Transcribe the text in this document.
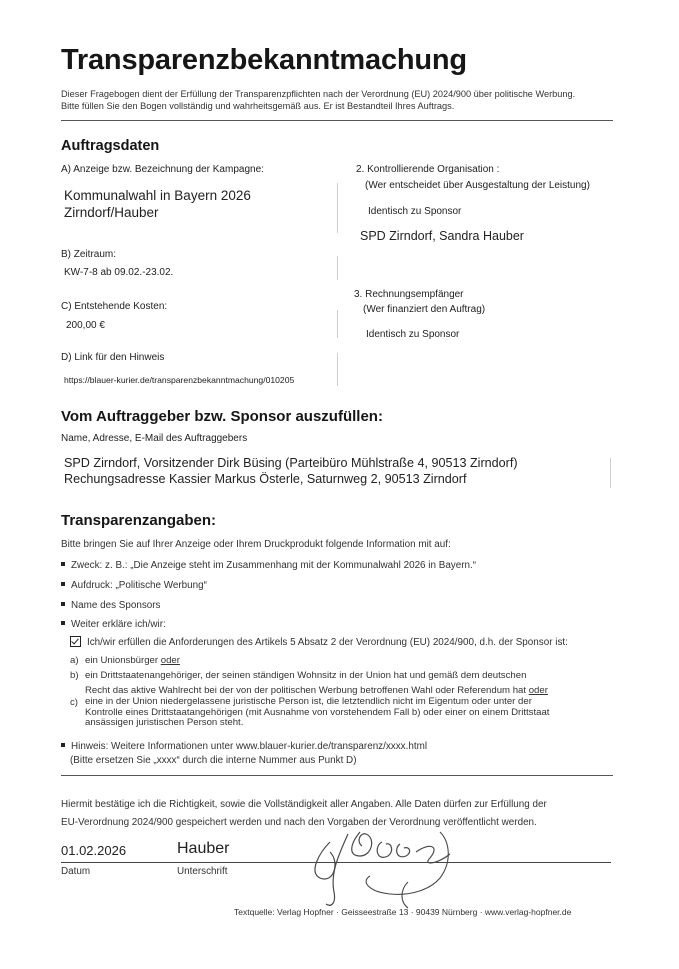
Transparenzbekanntmachung
Dieser Fragebogen dient der Erfüllung der Transparenzpflichten nach der Verordnung (EU) 2024/900 über politische Werbung.
Bitte füllen Sie den Bogen vollständig und wahrheitsgemäß aus. Er ist Bestandteil Ihres Auftrags.
Auftragsdaten
A) Anzeige bzw. Bezeichnung der Kampagne:
Kommunalwahl in Bayern 2026
Zirndorf/Hauber
B) Zeitraum:
KW-7-8 ab 09.02.-23.02.
C) Entstehende Kosten:
200,00 €
D) Link für den Hinweis
https://blauer-kurier.de/transparenzbekanntmachung/010205
2. Kontrollierende Organisation :
(Wer entscheidet über Ausgestaltung der Leistung)
Identisch zu Sponsor
SPD Zirndorf, Sandra Hauber
3. Rechnungsempfänger
(Wer finanziert den Auftrag)
Identisch zu Sponsor
Vom Auftraggeber bzw. Sponsor auszufüllen:
Name, Adresse, E-Mail des Auftraggebers
SPD Zirndorf, Vorsitzender Dirk Büsing (Parteibüro Mühlstraße 4, 90513 Zirndorf)
Rechungsadresse Kassier Markus Österle, Saturnweg 2, 90513 Zirndorf
Transparenzangaben:
Bitte bringen Sie auf Ihrer Anzeige oder Ihrem Druckprodukt folgende Information mit auf:
Zweck: z. B.: „Die Anzeige steht im Zusammenhang mit der Kommunalwahl 2026 in Bayern.“
Aufdruck: „Politische Werbung“
Name des Sponsors
Weiter erkläre ich/wir:
Ich/wir erfüllen die Anforderungen des Artikels 5 Absatz 2 der Verordnung (EU) 2024/900, d.h. der Sponsor ist:
a) ein Unionsbürger oder
b) ein Drittstaatenangehöriger, der seinen ständigen Wohnsitz in der Union hat und gemäß dem deutschen
Recht das aktive Wahlrecht bei der von der politischen Werbung betroffenen Wahl oder Referendum hat oder
c) eine in der Union niedergelassene juristische Person ist, die letztendlich nicht im Eigentum oder unter der
Kontrolle eines Drittstaatangehörigen (mit Ausnahme von vorstehendem Fall b) oder einer on einem Drittstaat
ansässigen juristischen Person steht.
Hinweis: Weitere Informationen unter www.blauer-kurier.de/transparenz/xxxx.html
(Bitte ersetzen Sie „xxxx“ durch die interne Nummer aus Punkt D)
Hiermit bestätige ich die Richtigkeit, sowie die Vollständigkeit aller Angaben. Alle Daten dürfen zur Erfüllung der
EU-Verordnung 2024/900 gespeichert werden und nach den Vorgaben der Verordnung veröffentlicht werden.
01.02.2026	Hauber
Datum	Unterschrift
Textquelle: Verlag Hopfner · Geisseestraße 13 · 90439 Nürnberg · www.verlag-hopfner.de
